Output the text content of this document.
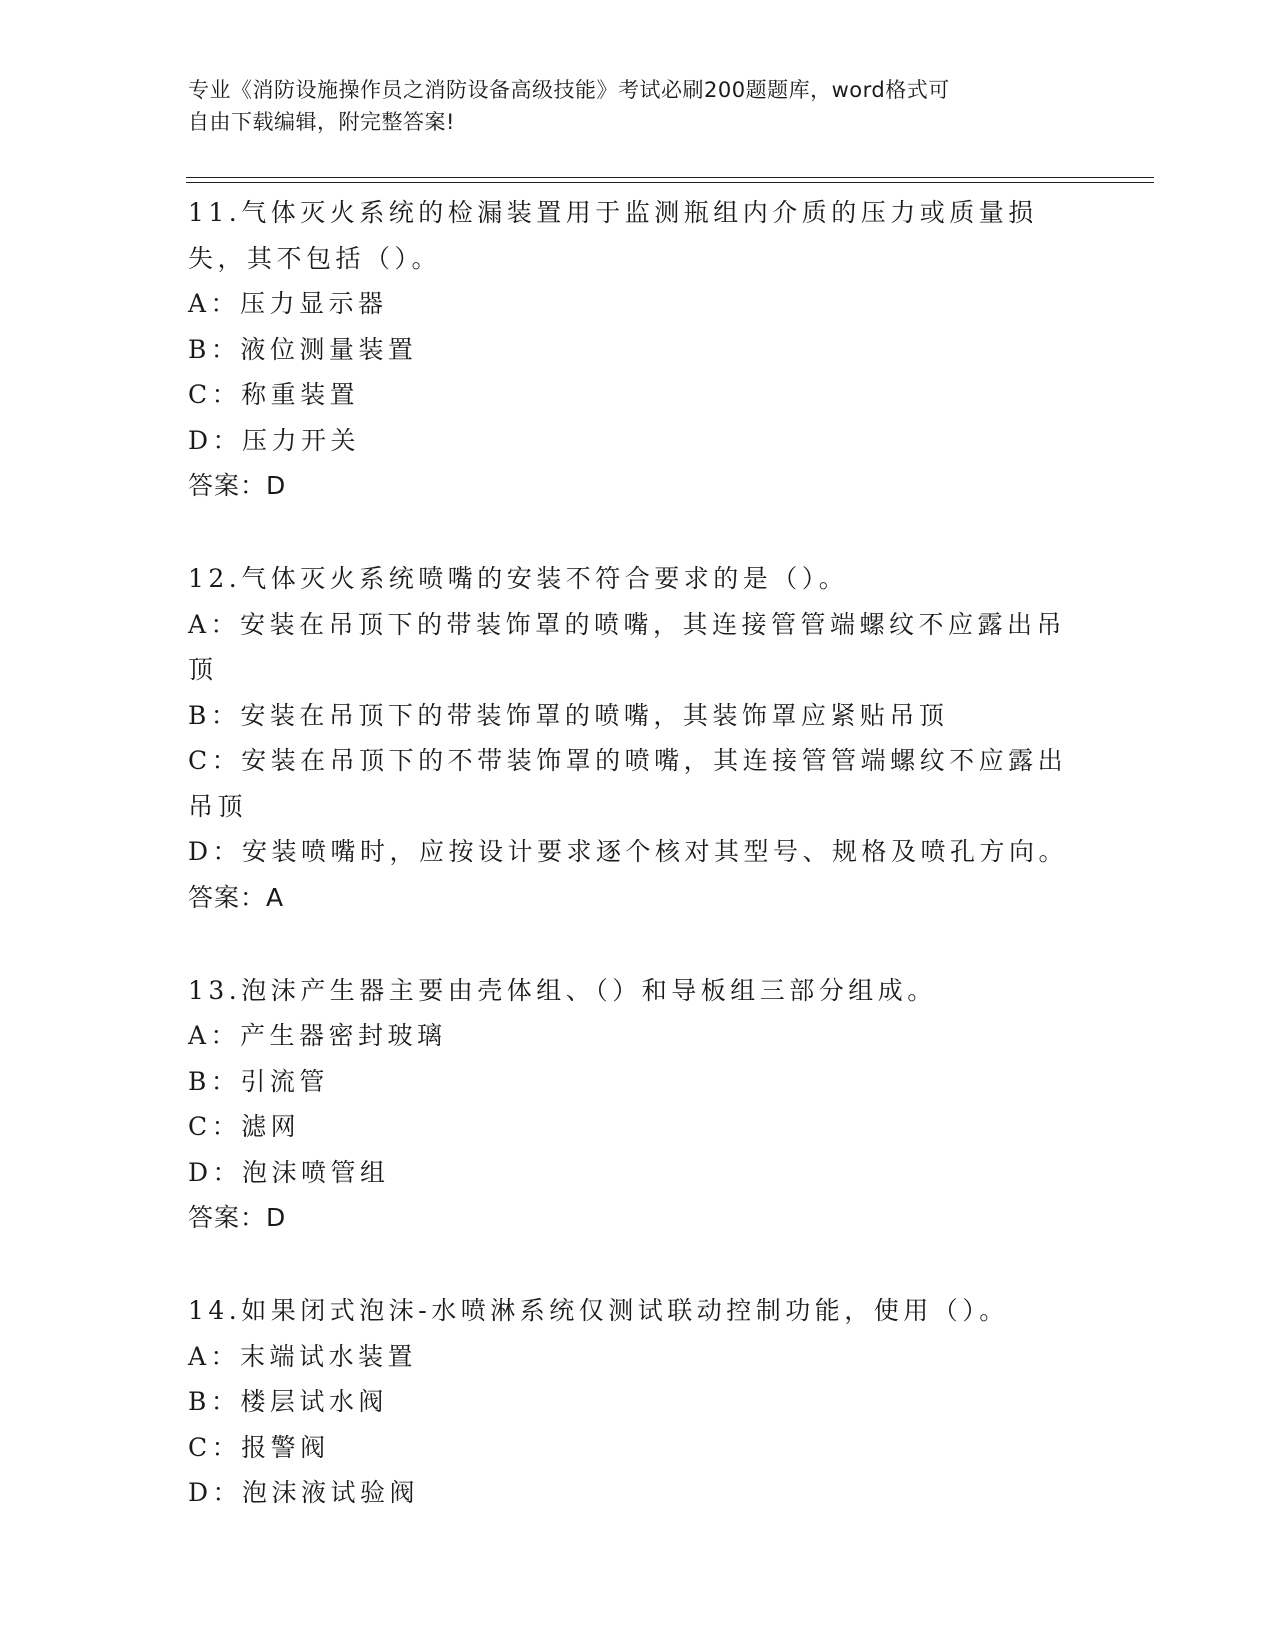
专业《消防设施操作员之消防设备高级技能》考试必刷200题题库，word格式可
自由下载编辑，附完整答案!
11.气体灭火系统的检漏装置用于监测瓶组内介质的压力或质量损失，其不包括（）。
A：压力显示器
B：液位测量装置
C：称重装置
D：压力开关
答案：D
12.气体灭火系统喷嘴的安装不符合要求的是（）。
A：安装在吊顶下的带装饰罩的喷嘴，其连接管管端螺纹不应露出吊顶
B：安装在吊顶下的带装饰罩的喷嘴，其装饰罩应紧贴吊顶
C：安装在吊顶下的不带装饰罩的喷嘴，其连接管管端螺纹不应露出吊顶
D：安装喷嘴时，应按设计要求逐个核对其型号、规格及喷孔方向。
答案：A
13.泡沫产生器主要由壳体组、（）和导板组三部分组成。
A：产生器密封玻璃
B：引流管
C：滤网
D：泡沫喷管组
答案：D
14.如果闭式泡沫-水喷淋系统仅测试联动控制功能，使用（）。
A：末端试水装置
B：楼层试水阀
C：报警阀
D：泡沫液试验阀
